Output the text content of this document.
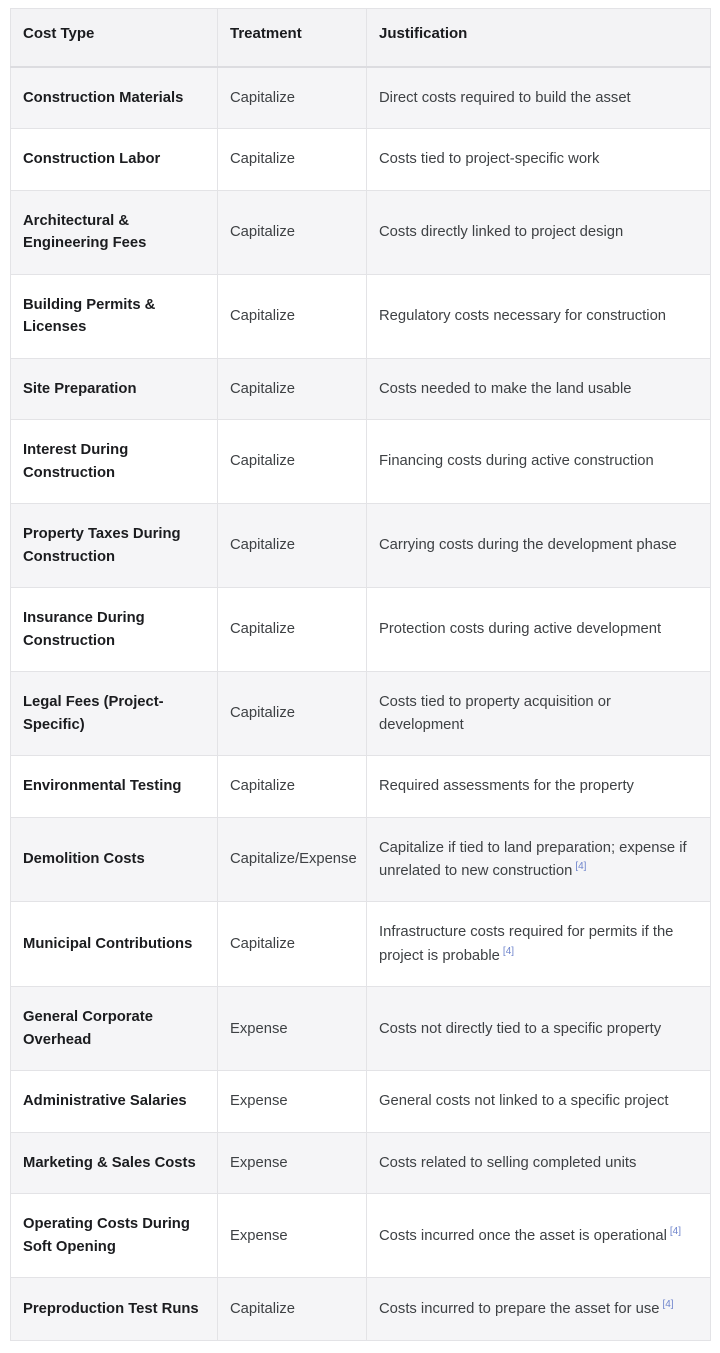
Cost Type	Treatment	Justification
Construction Materials	Capitalize	Direct costs required to build the asset
Construction Labor	Capitalize	Costs tied to project-specific work
Architectural & Engineering Fees	Capitalize	Costs directly linked to project design
Building Permits & Licenses	Capitalize	Regulatory costs necessary for construction
Site Preparation	Capitalize	Costs needed to make the land usable
Interest During Construction	Capitalize	Financing costs during active construction
Property Taxes During Construction	Capitalize	Carrying costs during the development phase
Insurance During Construction	Capitalize	Protection costs during active development
Legal Fees (Project-Specific)	Capitalize	Costs tied to property acquisition or development
Environmental Testing	Capitalize	Required assessments for the property
Demolition Costs	Capitalize/Expense	Capitalize if tied to land preparation; expense if unrelated to new construction [4]
Municipal Contributions	Capitalize	Infrastructure costs required for permits if the project is probable [4]
General Corporate Overhead	Expense	Costs not directly tied to a specific property
Administrative Salaries	Expense	General costs not linked to a specific project
Marketing & Sales Costs	Expense	Costs related to selling completed units
Operating Costs During Soft Opening	Expense	Costs incurred once the asset is operational [4]
Preproduction Test Runs	Capitalize	Costs incurred to prepare the asset for use [4]
